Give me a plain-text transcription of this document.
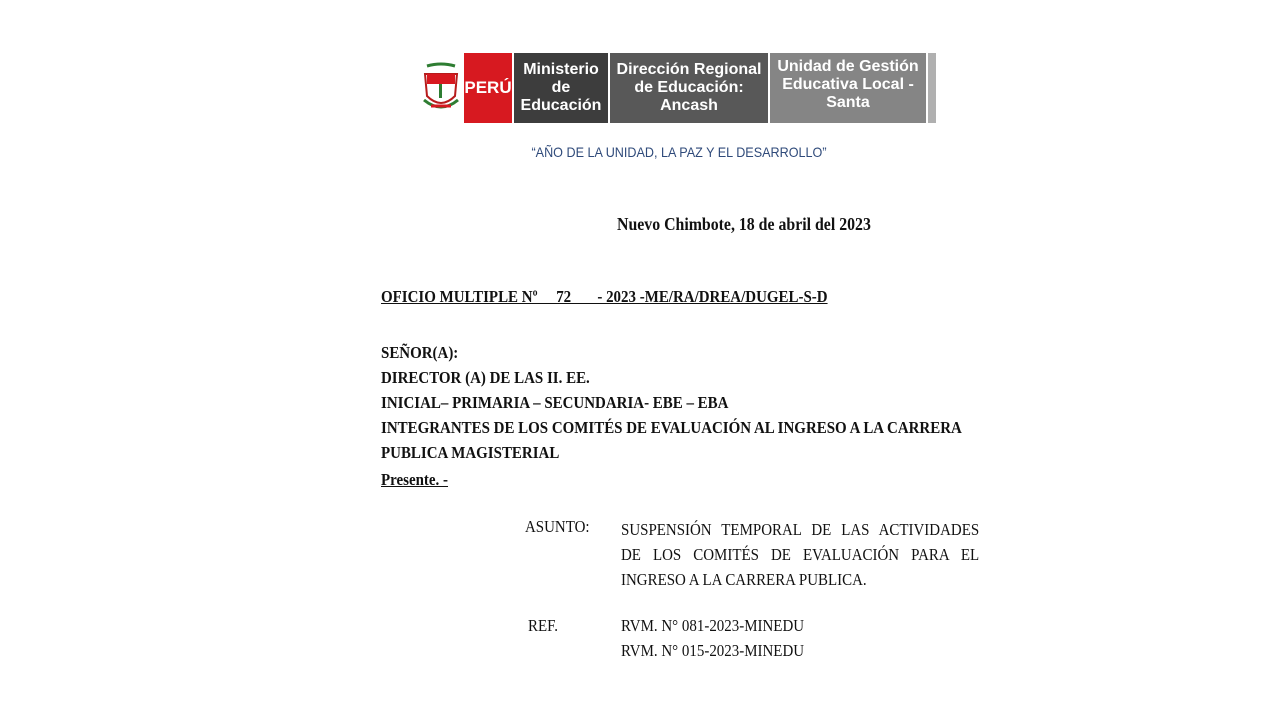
PERÚ
Ministerio
de
Educación
Dirección Regional
de Educación:
Ancash
Unidad de Gestión
Educativa Local -
Santa
“AÑO DE LA UNIDAD, LA PAZ Y EL DESARROLLO”
Nuevo Chimbote, 18 de abril del 2023
OFICIO MULTIPLE Nº     72       - 2023 -ME/RA/DREA/DUGEL-S-D
SEÑOR(A):
DIRECTOR (A) DE LAS II. EE.
INICIAL– PRIMARIA – SECUNDARIA- EBE – EBA
INTEGRANTES DE LOS COMITÉS DE EVALUACIÓN AL INGRESO A LA CARRERA
PUBLICA MAGISTERIAL
Presente. -
ASUNTO: SUSPENSIÓN TEMPORAL DE LAS ACTIVIDADES
DE LOS COMITÉS DE EVALUACIÓN PARA EL
INGRESO A LA CARRERA PUBLICA.
REF.	RVM. N° 081-2023-MINEDU
RVM. N° 015-2023-MINEDU
